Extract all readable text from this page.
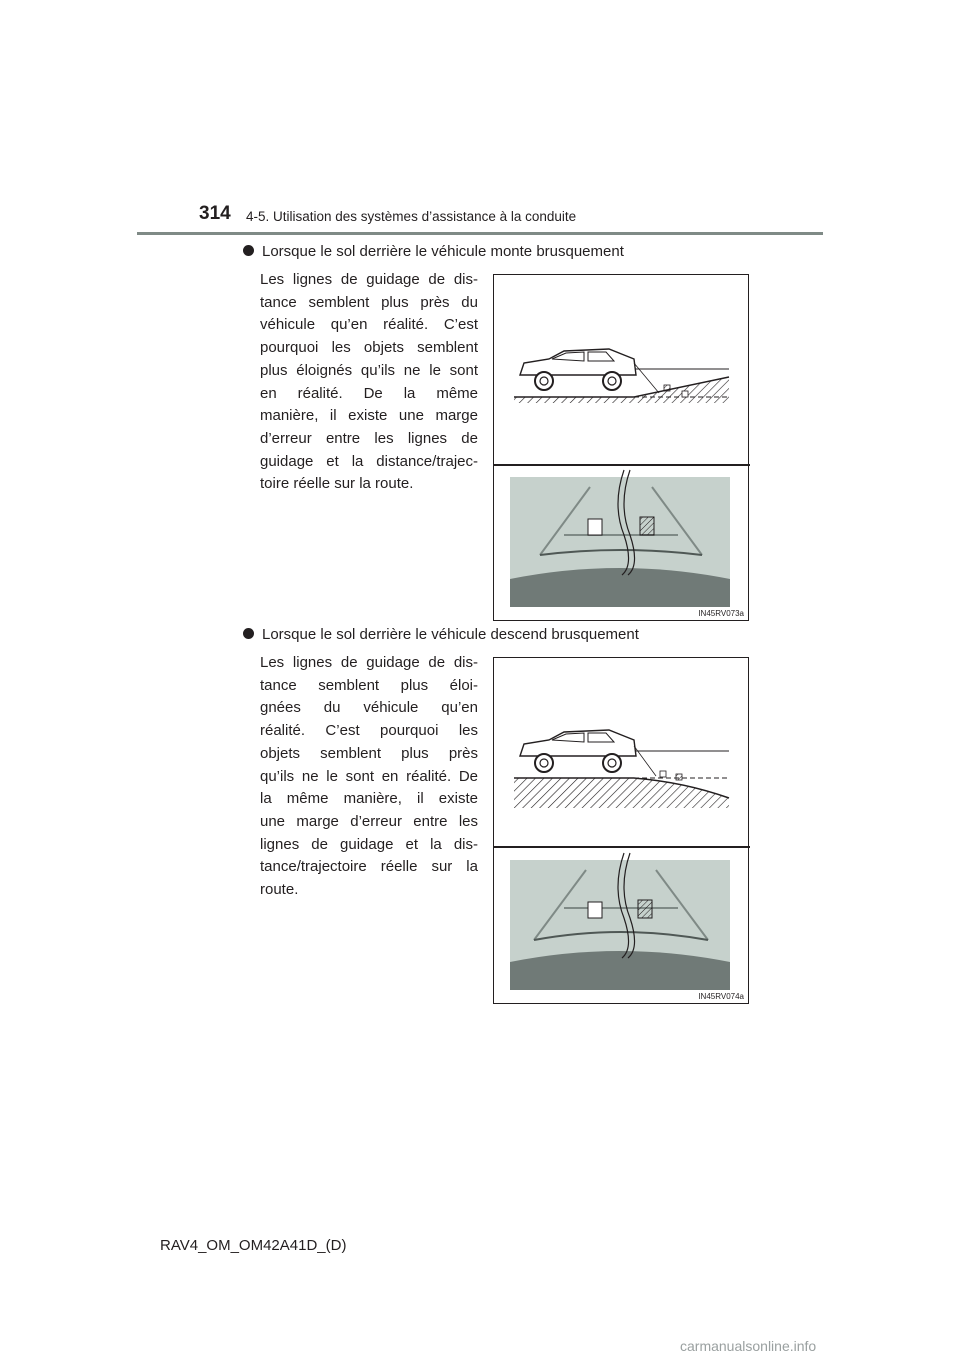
314 4-5. Utilisation des systèmes d’assistance à la conduite
Lorsque le sol derrière le véhicule monte brusquement
Les lignes de guidage de dis-
tance semblent plus près du
véhicule qu’en réalité. C’est
pourquoi les objets semblent
plus éloignés qu’ils ne le sont
en réalité. De la même
manière, il existe une marge
d’erreur entre les lignes de
guidage et la distance/trajec-
toire réelle sur la route.
IN45RV073a
Lorsque le sol derrière le véhicule descend brusquement
Les lignes de guidage de dis-
tance semblent plus éloi-
gnées du véhicule qu’en
réalité. C’est pourquoi les
objets semblent plus près
qu’ils ne le sont en réalité. De
la même manière, il existe
une marge d’erreur entre les
lignes de guidage et la dis-
tance/trajectoire réelle sur la
route.
IN45RV074a
RAV4_OM_OM42A41D_(D)
carmanualsonline.info
